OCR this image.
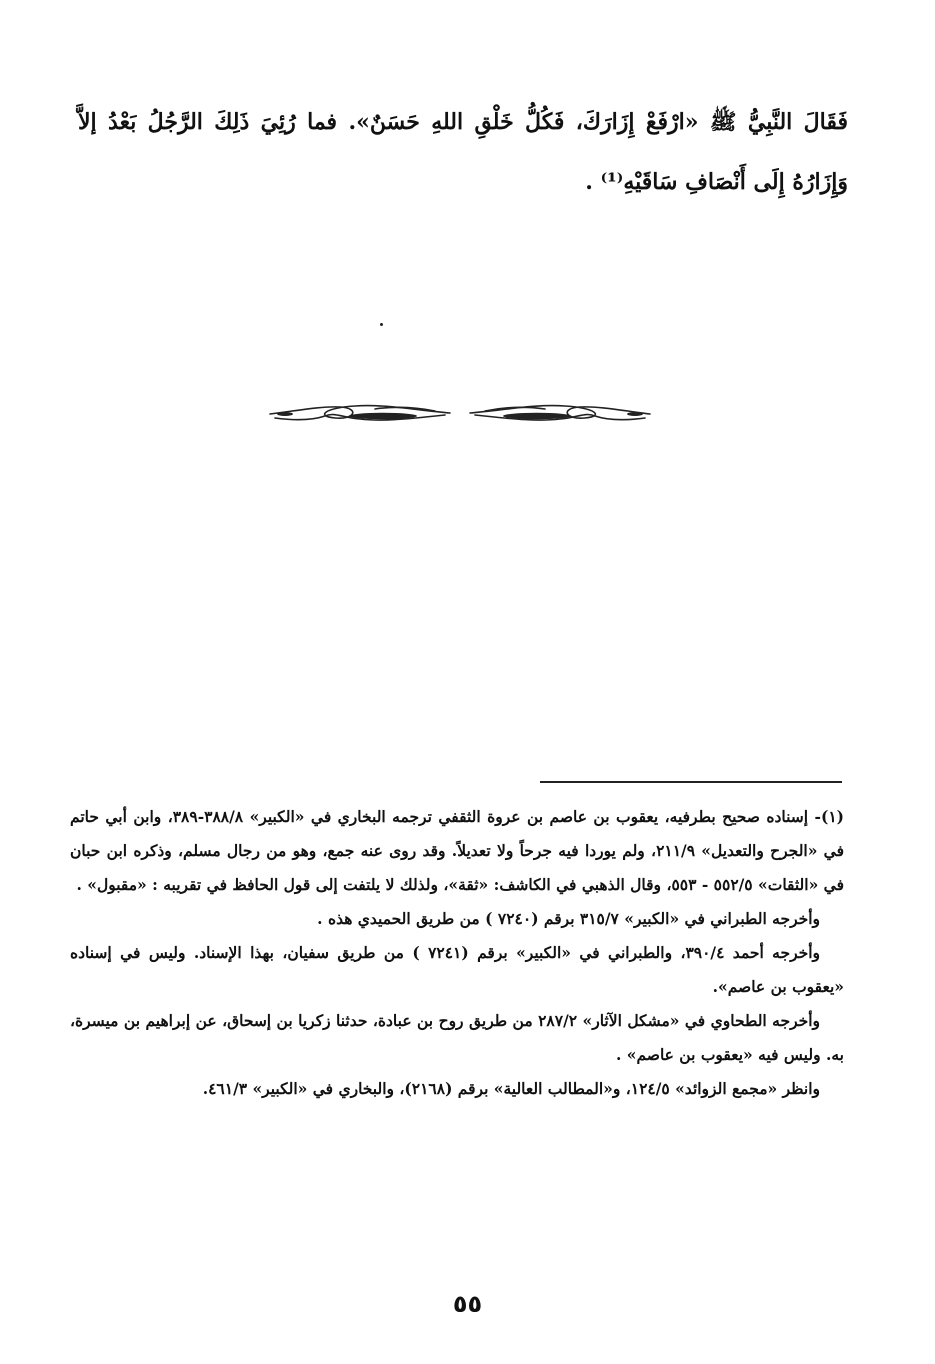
فَقَالَ النَّبِيُّ ﷺ «ارْفَعْ إِزَارَكَ، فَكُلُّ خَلْقِ اللهِ حَسَنٌ». فما رُئِيَ ذَلِكَ الرَّجُلُ بَعْدُ إلاَّ وَإِزَارُهُ إِلَى أَنْصَافِ سَاقَيْهِ⁽¹⁾ .

(١)- إسناده صحيح بطرفيه، يعقوب بن عاصم بن عروة الثقفي ترجمه البخاري في «الكبير» ٣٨٨/٨-٣٨٩، وابن أبي حاتم في «الجرح والتعديل» ٢١١/٩، ولم يوردا فيه جرحاً ولا تعديلاً. وقد روى عنه جمع، وهو من رجال مسلم، وذكره ابن حبان في «الثقات» ٥٥٢/٥ - ٥٥٣، وقال الذهبي في الكاشف: «ثقة»، ولذلك لا يلتفت إلى قول الحافظ في تقريبه : «مقبول» .

وأخرجه الطبراني في «الكبير» ٣١٥/٧ برقم (٧٢٤٠ ) من طريق الحميدي هذه .

وأخرجه أحمد ٣٩٠/٤، والطبراني في «الكبير» برقم (٧٢٤١ ) من طريق سفيان، بهذا الإسناد. وليس في إسناده «يعقوب بن عاصم».

وأخرجه الطحاوي في «مشكل الآثار» ٢٨٧/٢ من طريق روح بن عبادة، حدثنا زكريا بن إسحاق، عن إبراهيم بن ميسرة، به. وليس فيه «يعقوب بن عاصم» .

وانظر «مجمع الزوائد» ١٢٤/٥، و«المطالب العالية» برقم (٢١٦٨)، والبخاري في «الكبير» ٤٦١/٣.

٥٥
